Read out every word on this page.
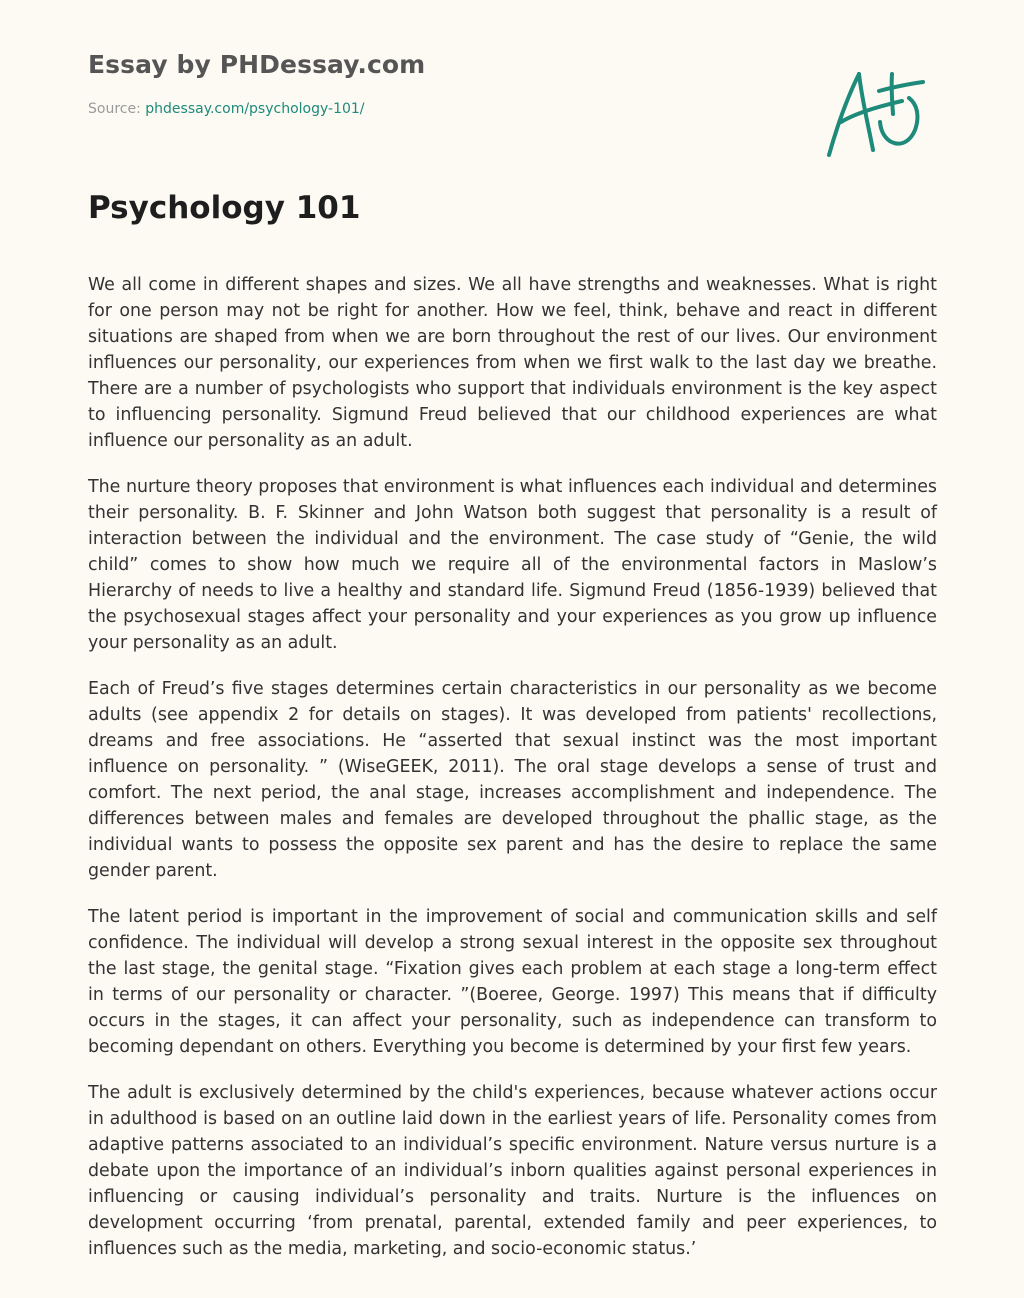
Essay by PHDessay.com
Source: phdessay.com/psychology-101/
Psychology 101

We all come in different shapes and sizes. We all have strengths and weaknesses. What is right for one person may not be right for another. How we feel, think, behave and react in different situations are shaped from when we are born throughout the rest of our lives. Our environment influences our personality, our experiences from when we first walk to the last day we breathe. There are a number of psychologists who support that individuals environment is the key aspect to influencing personality. Sigmund Freud believed that our childhood experiences are what influence our personality as an adult.

The nurture theory proposes that environment is what influences each individual and determines their personality. B. F. Skinner and John Watson both suggest that personality is a result of interaction between the individual and the environment. The case study of “Genie, the wild child” comes to show how much we require all of the environmental factors in Maslow’s Hierarchy of needs to live a healthy and standard life. Sigmund Freud (1856-1939) believed that the psychosexual stages affect your personality and your experiences as you grow up influence your personality as an adult.

Each of Freud’s five stages determines certain characteristics in our personality as we become adults (see appendix 2 for details on stages). It was developed from patients' recollections, dreams and free associations. He “asserted that sexual instinct was the most important influence on personality. ” (WiseGEEK, 2011). The oral stage develops a sense of trust and comfort. The next period, the anal stage, increases accomplishment and independence. The differences between males and females are developed throughout the phallic stage, as the individual wants to possess the opposite sex parent and has the desire to replace the same gender parent.

The latent period is important in the improvement of social and communication skills and self confidence. The individual will develop a strong sexual interest in the opposite sex throughout the last stage, the genital stage. “Fixation gives each problem at each stage a long-term effect in terms of our personality or character. ”(Boeree, George. 1997) This means that if difficulty occurs in the stages, it can affect your personality, such as independence can transform to becoming dependant on others. Everything you become is determined by your first few years.

The adult is exclusively determined by the child's experiences, because whatever actions occur in adulthood is based on an outline laid down in the earliest years of life. Personality comes from adaptive patterns associated to an individual’s specific environment. Nature versus nurture is a debate upon the importance of an individual’s inborn qualities against personal experiences in influencing or causing individual’s personality and traits. Nurture is the influences on development occurring ‘from prenatal, parental, extended family and peer experiences, to influences such as the media, marketing, and socio-economic status.’
